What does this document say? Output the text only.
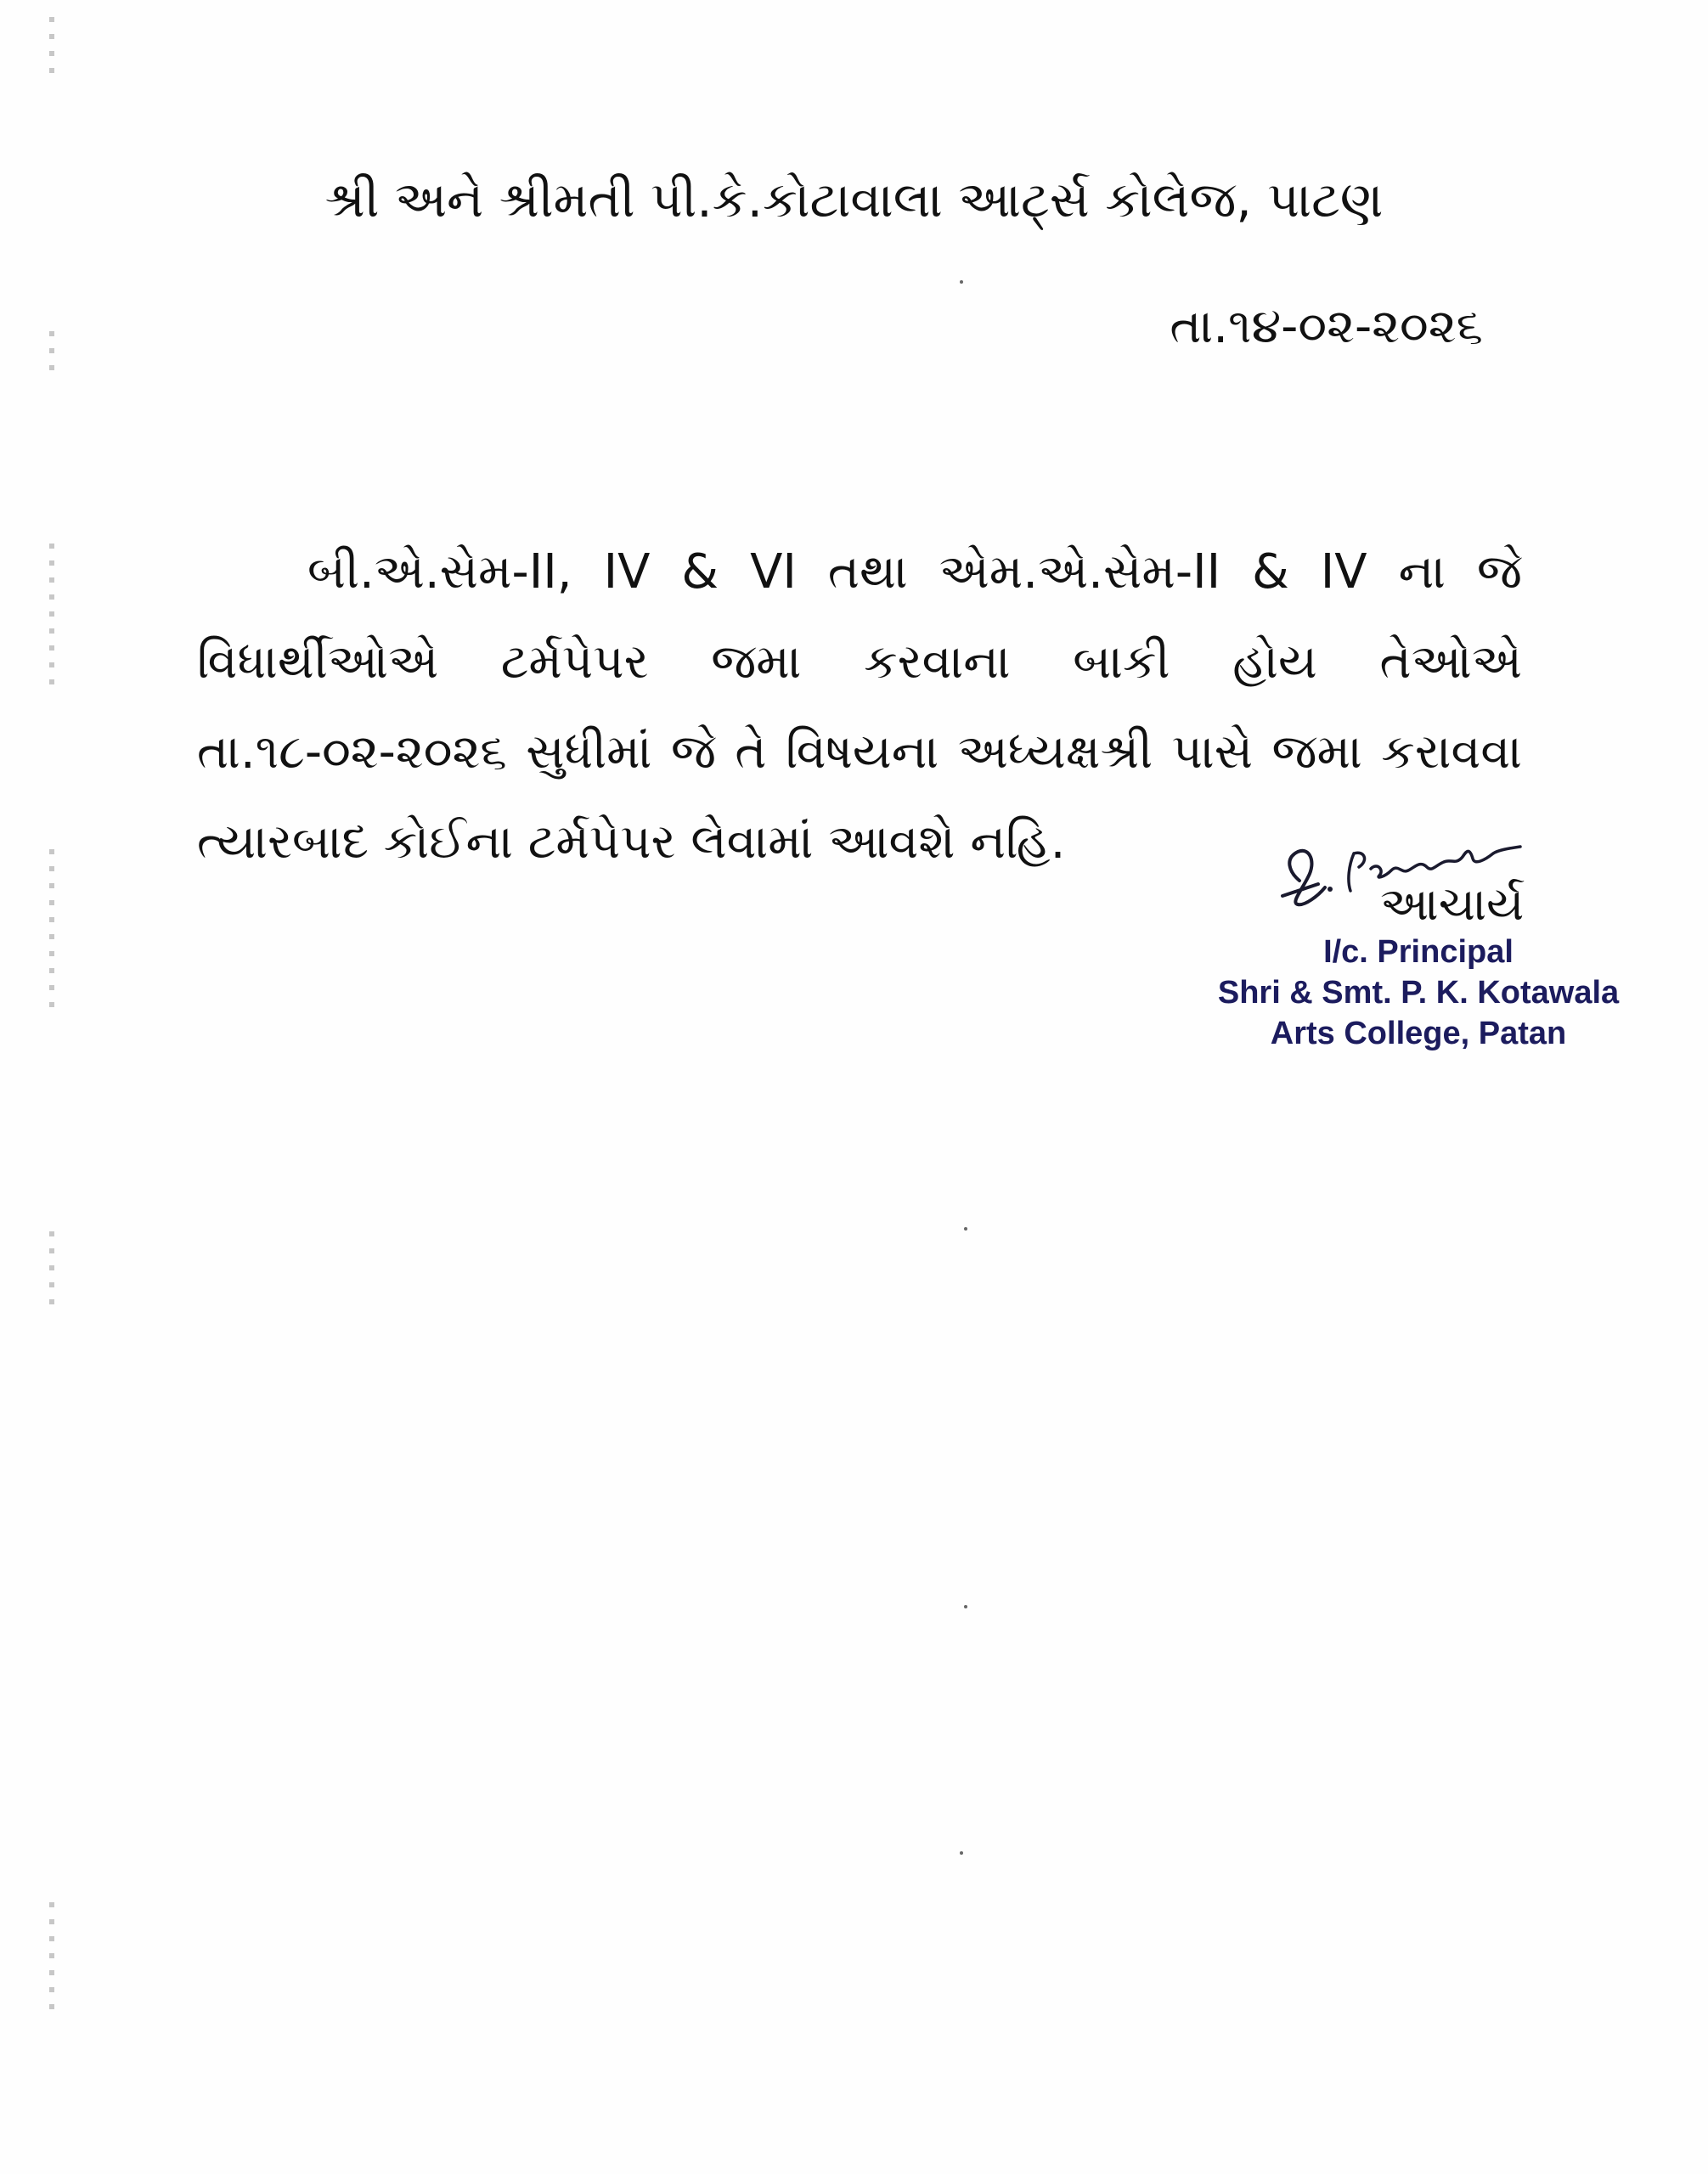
શ્રી અને શ્રીમતી પી.કે.કોટાવાલા આર્ટ્સ કોલેજ, પાટણ
તા.૧૪-૦૨-૨૦૨૬

બી.એ.સેમ-II, IV & VI તથા એમ.એ.સેમ-II & IV ના જે વિધાર્થીઓએ ટર્મપેપર જમા કરવાના બાકી હોય તેઓએ તા.૧૮-૦૨-૨૦૨૬ સુધીમાં જે તે વિષયના અધ્યક્ષશ્રી પાસે જમા કરાવવા ત્યારબાદ કોઈના ટર્મપેપર લેવામાં આવશે નહિ.

આચાર્ય
I/c. Principal
Shri & Smt. P. K. Kotawala
Arts College, Patan
